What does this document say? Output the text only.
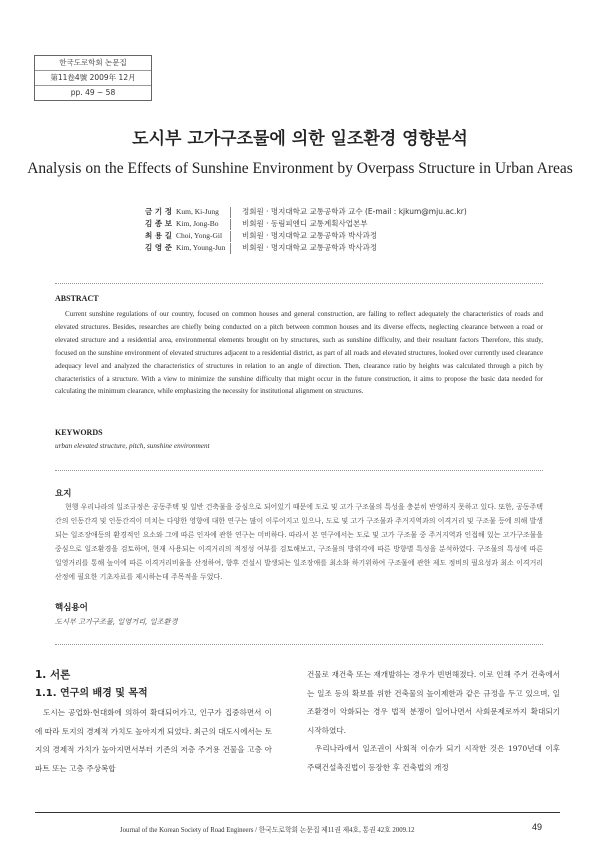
한국도로학회 논문집
第11卷4號 2009年 12月
pp. 49 ~ 58
도시부 고가구조물에 의한 일조환경 영향분석
Analysis on the Effects of Sunshine Environment by Overpass Structure in Urban Areas
금 기 정 Kum, Ki-Jung	정회원 · 명지대학교 교통공학과 교수 (E-mail : kjkum@mju.ac.kr)
김 종 보 Kim, Jong-Bo	비회원 · 동림피엔디 교통계획사업본부
최 용 길 Choi, Yong-Gil	비회원 · 명지대학교 교통공학과 박사과정
김 영 준 Kim, Young-Jun	비회원 · 명지대학교 교통공학과 박사과정
ABSTRACT
Current sunshine regulations of our country, focused on common houses and general construction, are failing to reflect adequately the characteristics of roads and elevated structures. Besides, researches are chiefly being conducted on a pitch between common houses and its diverse effects, neglecting clearance between a road or elevated structure and a residential area, environmental elements brought on by structures, such as sunshine difficulty, and their resultant factors Therefore, this study, focused on the sunshine environment of elevated structures adjacent to a residential district, as part of all roads and elevated structures, looked over currently used clearance adequacy level and analyzed the characteristics of structures in relation to an angle of direction. Then, clearance ratio by heights was calculated through a pitch by characteristics of a structure. With a view to minimize the sunshine difficulty that might occur in the future construction, it aims to propose the basic data needed for calculating the minimum clearance, while emphasizing the necessity for institutional alignment on structures.
KEYWORDS
urban elevated structure, pitch, sunshine environment
요지
현행 우리나라의 일조규정은 공동주택 및 일반 건축물을 중심으로 되어있기 때문에 도로 및 고가 구조물의 특성을 충분히 반영하지 못하고 있다. 또한, 공동주택간의 인동간격 및 인동간격이 미치는 다양한 영향에 대한 연구는 많이 이루어지고 있으나, 도로 및 고가 구조물과 주거지역과의 이격거리 및 구조물 등에 의해 발생되는 일조장애등의 환경적인 요소와 그에 따른 인자에 관한 연구는 미비하다. 따라서 본 연구에서는 도로 및 고가 구조물 중 주거지역과 인접해 있는 고가구조물을 중심으로 일조환경을 검토하며, 현재 사용되는 이격거리의 적정성 여부를 검토해보고, 구조물의 방위각에 따른 방향별 특성을 분석하였다. 구조물의 특성에 따른 일영거리를 통해 높이에 따른 이격거리비율을 산정하여, 향후 건설시 발생되는 일조장애를 최소화 하기위하여 구조물에 관한 제도 정비의 필요성과 최소 이격거리산정에 필요한 기초자료를 제시하는데 주목적을 두었다.
핵심용어
도시부 고가구조물, 일영거리, 일조환경
1. 서론
1.1. 연구의 배경 및 목적

도시는 공업화·현대화에 의하여 확대되어가고, 인구가 집중하면서 이에 따라 토지의 경제적 가치도 높아지게 되었다. 최근의 대도시에서는 토지의 경제적 가치가 높아지면서부터 기존의 저층 주거용 건물을 고층 아파트 또는 고층 주상복합

건물로 재건축 또는 재개발하는 경우가 빈번해졌다. 이로 인해 주거 건축에서는 일조 등의 확보를 위한 건축물의 높이제한과 같은 규정을 두고 있으며, 일조환경이 악화되는 경우 법적 분쟁이 일어나면서 사회문제로까지 확대되기 시작하였다.

우리나라에서 일조권이 사회적 이슈가 되기 시작한 것은 1970년대 이후 주택건설촉진법이 등장한 후 건축법의 개정

Journal of the Korean Society of Road Engineers / 한국도로학회 논문집 제11권 제4호, 통권 42호 2009.12	49
